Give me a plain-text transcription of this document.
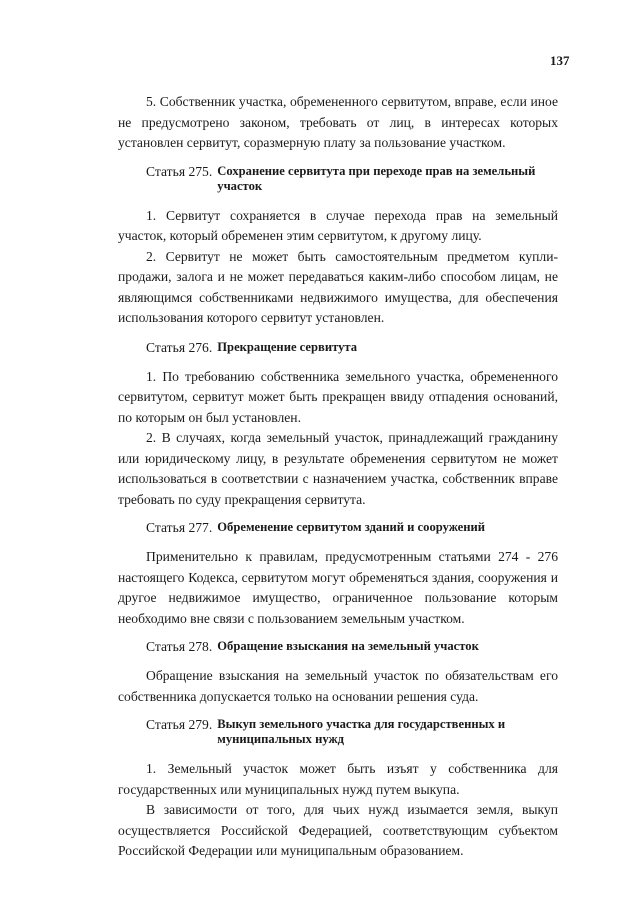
137

5. Собственник участка, обремененного сервитутом, вправе, если иное не предусмотрено законом, требовать от лиц, в интересах которых установлен сервитут, соразмерную плату за пользование участком.

Статья 275. Сохранение сервитута при переходе прав на земельный участок

1. Сервитут сохраняется в случае перехода прав на земельный участок, который обременен этим сервитутом, к другому лицу.

2. Сервитут не может быть самостоятельным предметом купли-продажи, залога и не может передаваться каким-либо способом лицам, не являющимся собственниками недвижимого имущества, для обеспечения использования которого сервитут установлен.

Статья 276. Прекращение сервитута

1. По требованию собственника земельного участка, обремененного сервитутом, сервитут может быть прекращен ввиду отпадения оснований, по которым он был установлен.

2. В случаях, когда земельный участок, принадлежащий гражданину или юридическому лицу, в результате обременения сервитутом не может использоваться в соответствии с назначением участка, собственник вправе требовать по суду прекращения сервитута.

Статья 277. Обременение сервитутом зданий и сооружений

Применительно к правилам, предусмотренным статьями 274 - 276 настоящего Кодекса, сервитутом могут обременяться здания, сооружения и другое недвижимое имущество, ограниченное пользование которым необходимо вне связи с пользованием земельным участком.

Статья 278. Обращение взыскания на земельный участок

Обращение взыскания на земельный участок по обязательствам его собственника допускается только на основании решения суда.

Статья 279. Выкуп земельного участка для государственных и муниципальных нужд

1. Земельный участок может быть изъят у собственника для государственных или муниципальных нужд путем выкупа.

В зависимости от того, для чьих нужд изымается земля, выкуп осуществляется Российской Федерацией, соответствующим субъектом Российской Федерации или муниципальным образованием.
